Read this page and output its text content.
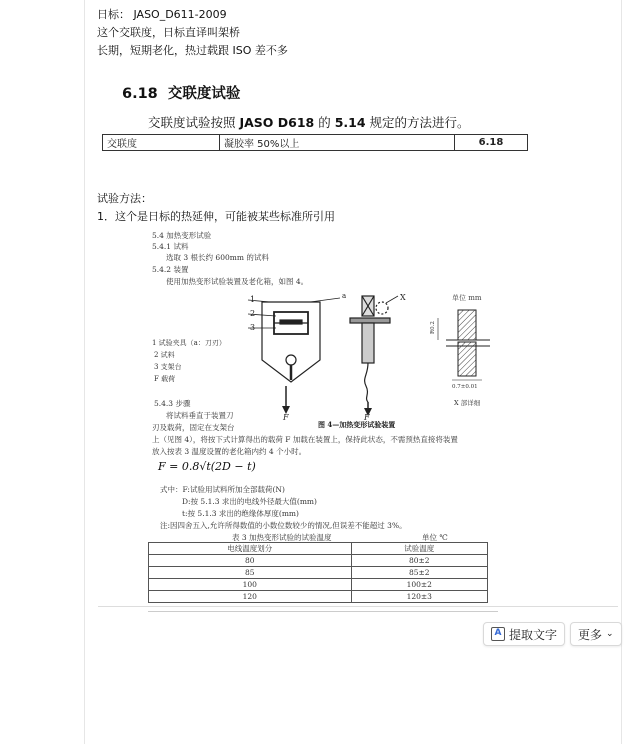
日标： JASO_D611-2009
这个交联度，日标直译叫架桥
长期，短期老化，热过载跟 ISO 差不多
6.18 交联度试验
交联度试验按照 JASO D618 的 5.14 规定的方法进行。
交联度	凝胶率 50%以上	6.18
试验方法：
1．这个是日标的热延伸，可能被某些标准所引用
5.4 加热变形试验
5.4.1 试料
选取 3 根长约 600mm 的试料
5.4.2 装置
使用加热变形试验装置及老化箱，如图 4。
1 试验夹具（a：刀刃）
2 试料
3 支架台
F 载荷
单位 mm
1
2
3
a
F	F
X
R0.2
0.7±0.01
X 部详细
图 4—加热变形试验装置
5.4.3 步骤
将试料垂直于装置刀
刃及载荷，固定在支架台
上（见图 4），将按下式计算得出的载荷 F 加载在装置上，保持此状态，不需预热直接将装置
放入按表 3 温度设置的老化箱内约 4 个小时。
F = 0.8√t(2D − t)
式中：F:试验用试料所加全部载荷(N)
D:按 5.1.3 求出的电线外径最大值(mm)
t:按 5.1.3 求出的绝缘体厚度(mm)
注:因四舍五入,允许所得数值的小数位数较少的情况,但误差不能超过 3%。
表 3 加热变形试验的试验温度	单位 ℃
电线温度划分	试验温度
80	80±2
85	85±2
100	100±2
120	120±3
A 提取文字 更多 ⌄
